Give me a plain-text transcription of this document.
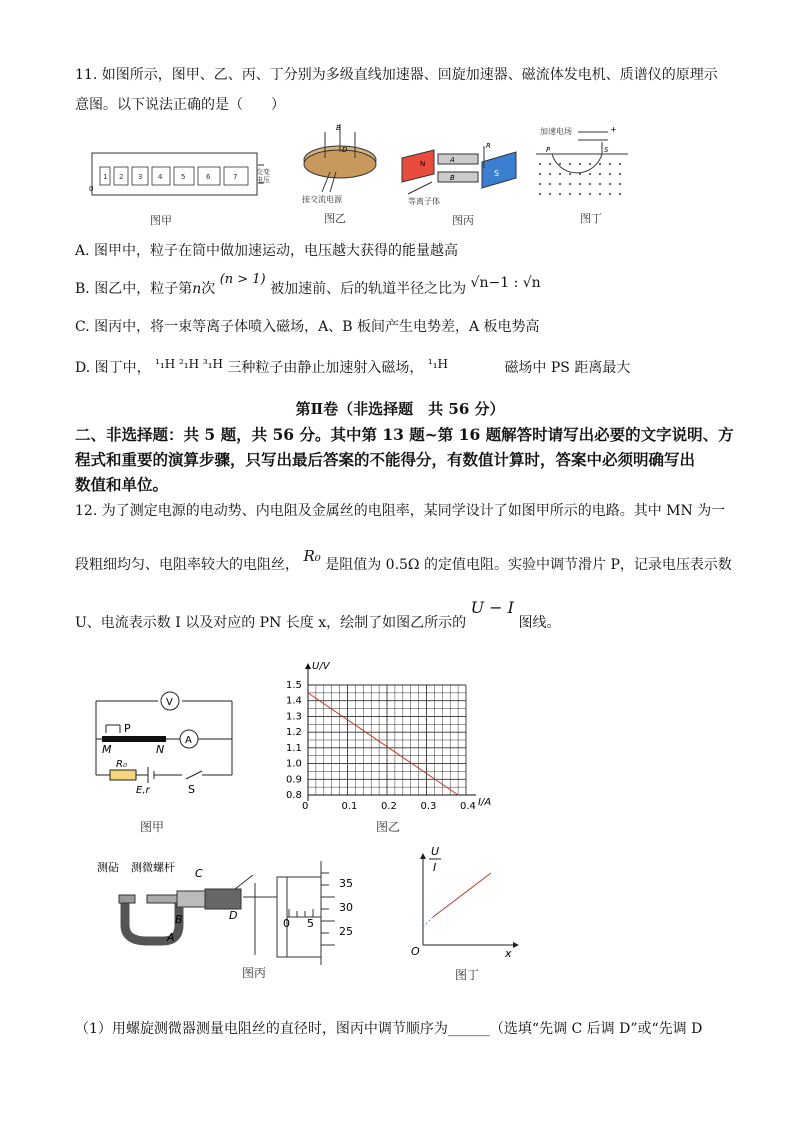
11. 如图所示，图甲、乙、丙、丁分别为多级直线加速器、回旋加速器、磁流体发电机、质谱仪的原理示
意图。以下说法正确的是（　　）
1 2 3 4	5	6	7
0
交变电压
图甲
B
D
接交流电源
图乙
N
S
A
B
R
等离子体
图丙
P	S
+
加速电场
图丁
A. 图甲中，粒子在筒中做加速运动，电压越大获得的能量越高
B. 图乙中，粒子第n次 (n > 1) 被加速前、后的轨道半径之比为 √n−1 : √n
C. 图丙中，将一束等离子体喷入磁场，A、B 板间产生电势差，A 板电势高
D. 图丁中， ¹₁H ²₁H ³₁H 三种粒子由静止加速射入磁场， ¹₁H	磁场中 PS 距离最大
第Ⅱ卷（非选择题　共 56 分）
二、非选择题：共 5 题，共 56 分。其中第 13 题~第 16 题解答时请写出必要的文字说明、方
程式和重要的演算步骤，只写出最后答案的不能得分，有数值计算时，答案中必须明确写出
数值和单位。
12. 为了测定电源的电动势、内电阻及金属丝的电阻率，某同学设计了如图甲所示的电路。其中 MN 为一
段粗细均匀、电阻率较大的电阻丝， R₀ 是阻值为 0.5Ω 的定值电阻。实验中调节滑片 P，记录电压表示数
U、电流表示数 I 以及对应的 PN 长度 x，绘制了如图乙所示的 U − I 图线。
V
A
P
M	N
R₀
E,r	S
图甲
0	0.1 0.2 0.3 0.4
0.8
0.9
1.0
1.1
1.2
1.3
1.4
1.5
U/V
I/A
图乙
测砧 测微螺杆 C
B
A
D
0 5
35
30
25
图丙
U
I
O	x
图丁
（1）用螺旋测微器测量电阻丝的直径时，图丙中调节顺序为______（选填“先调 C 后调 D”或“先调 D
